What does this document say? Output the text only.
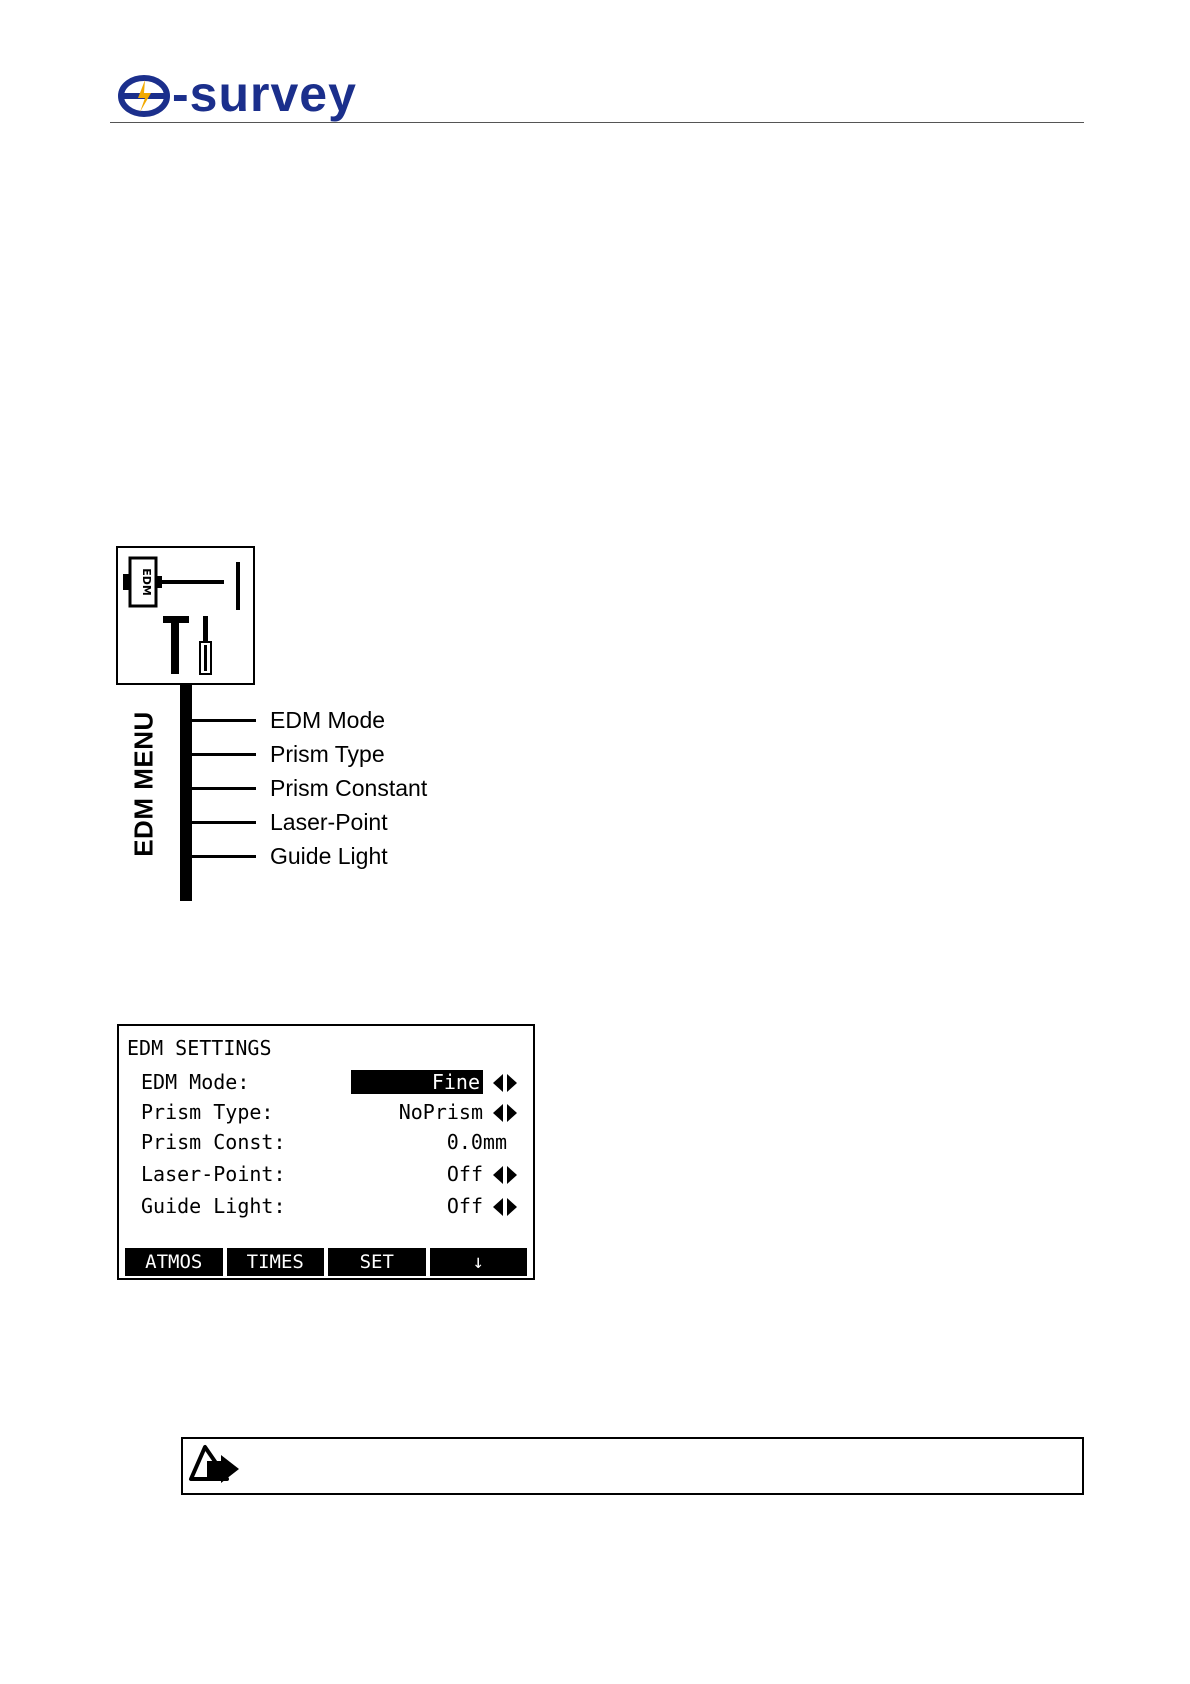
-survey
EDM
EDM MENU	EDM Mode
Prism Type
Prism Constant
Laser-Point
Guide Light
EDM SETTINGS
EDM Mode:	Fine
Prism Type:	NoPrism
Prism Const:	0.0mm
Laser-Point:	Off
Guide Light:	Off
ATMOS	TIMES	SET	↓
